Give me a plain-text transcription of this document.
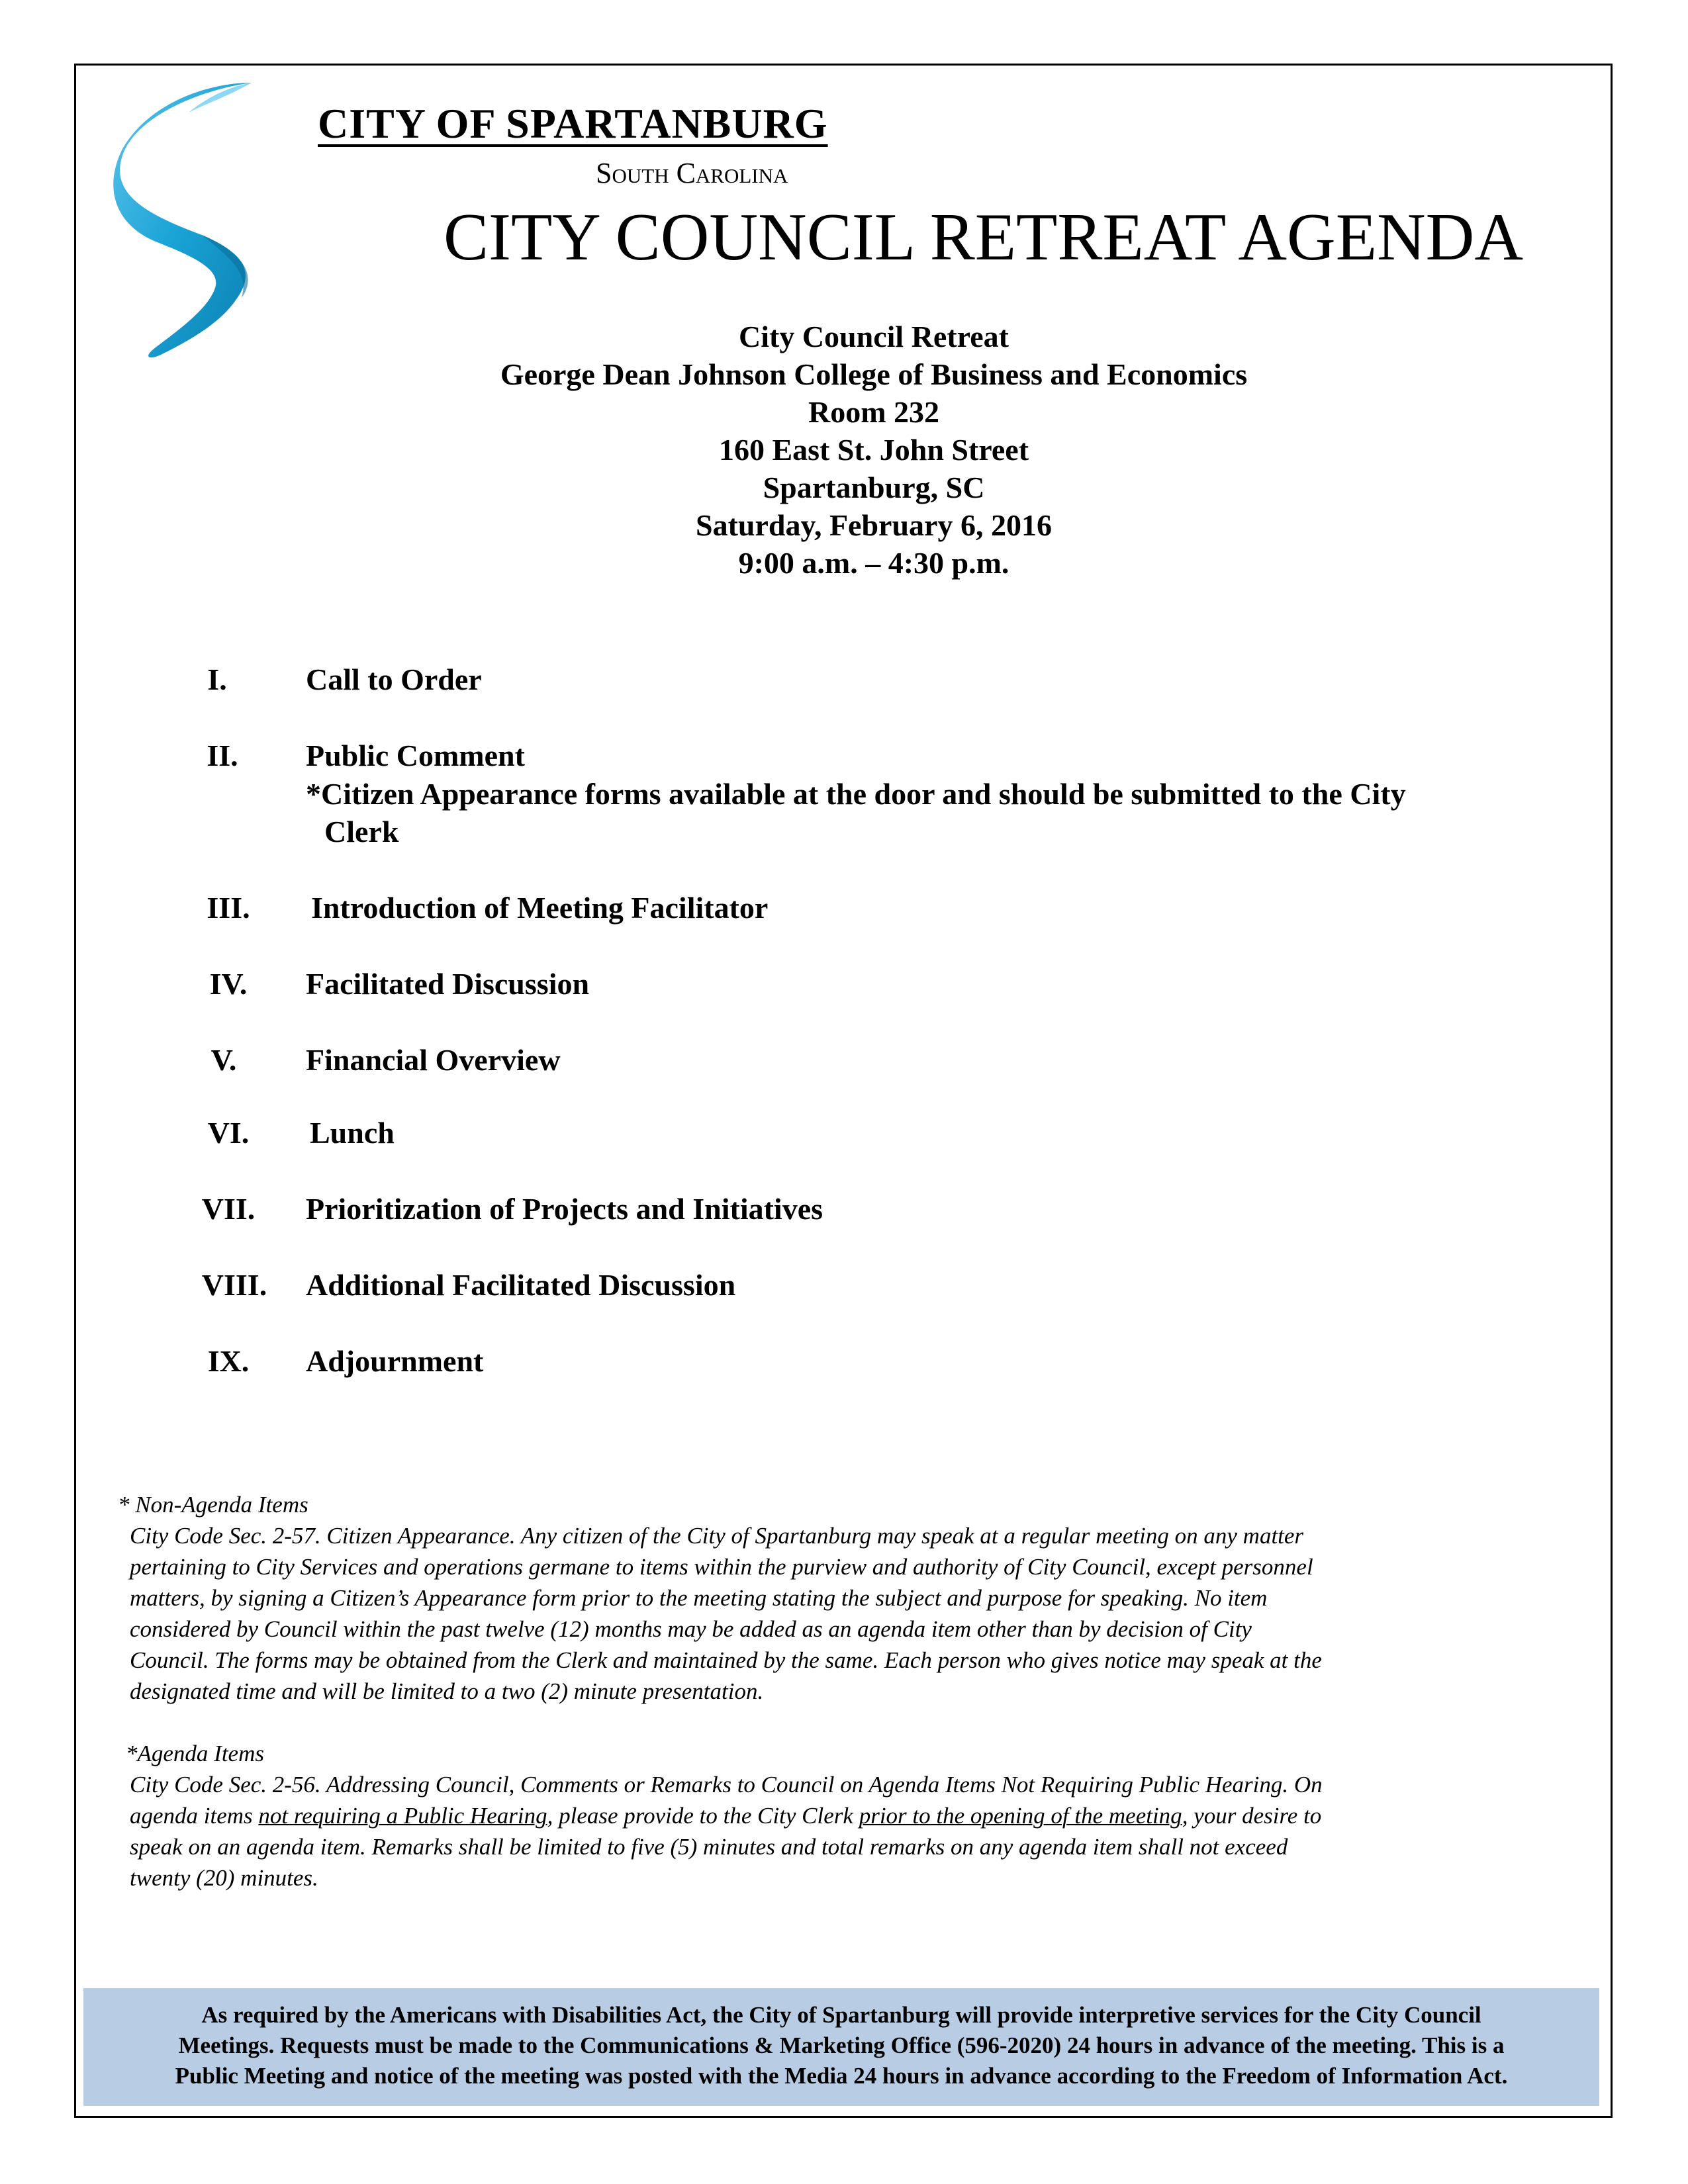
CITY OF SPARTANBURG
South Carolina
CITY COUNCIL RETREAT AGENDA
City Council Retreat
George Dean Johnson College of Business and Economics
Room 232
160 East St. John Street
Spartanburg, SC
Saturday, February 6, 2016
9:00 a.m. – 4:30 p.m.
I.	Call to Order
II.	Public Comment
*Citizen Appearance forms available at the door and should be submitted to the City
Clerk
III.	Introduction of Meeting Facilitator
IV.	Facilitated Discussion
V.	Financial Overview
VI.	Lunch
VII.	Prioritization of Projects and Initiatives
VIII.	Additional Facilitated Discussion
IX.	Adjournment

* Non-Agenda Items

City Code Sec. 2-57. Citizen Appearance. Any citizen of the City of Spartanburg may speak at a regular meeting on any matter

pertaining to City Services and operations germane to items within the purview and authority of City Council, except personnel

matters, by signing a Citizen’s Appearance form prior to the meeting stating the subject and purpose for speaking. No item

considered by Council within the past twelve (12) months may be added as an agenda item other than by decision of City

Council. The forms may be obtained from the Clerk and maintained by the same. Each person who gives notice may speak at the

designated time and will be limited to a two (2) minute presentation.

*Agenda Items

City Code Sec. 2-56. Addressing Council, Comments or Remarks to Council on Agenda Items Not Requiring Public Hearing. On

agenda items not requiring a Public Hearing, please provide to the City Clerk prior to the opening of the meeting, your desire to

speak on an agenda item. Remarks shall be limited to five (5) minutes and total remarks on any agenda item shall not exceed

twenty (20) minutes.

As required by the Americans with Disabilities Act, the City of Spartanburg will provide interpretive services for the City Council
Meetings. Requests must be made to the Communications & Marketing Office (596-2020) 24 hours in advance of the meeting. This is a
Public Meeting and notice of the meeting was posted with the Media 24 hours in advance according to the Freedom of Information Act.
